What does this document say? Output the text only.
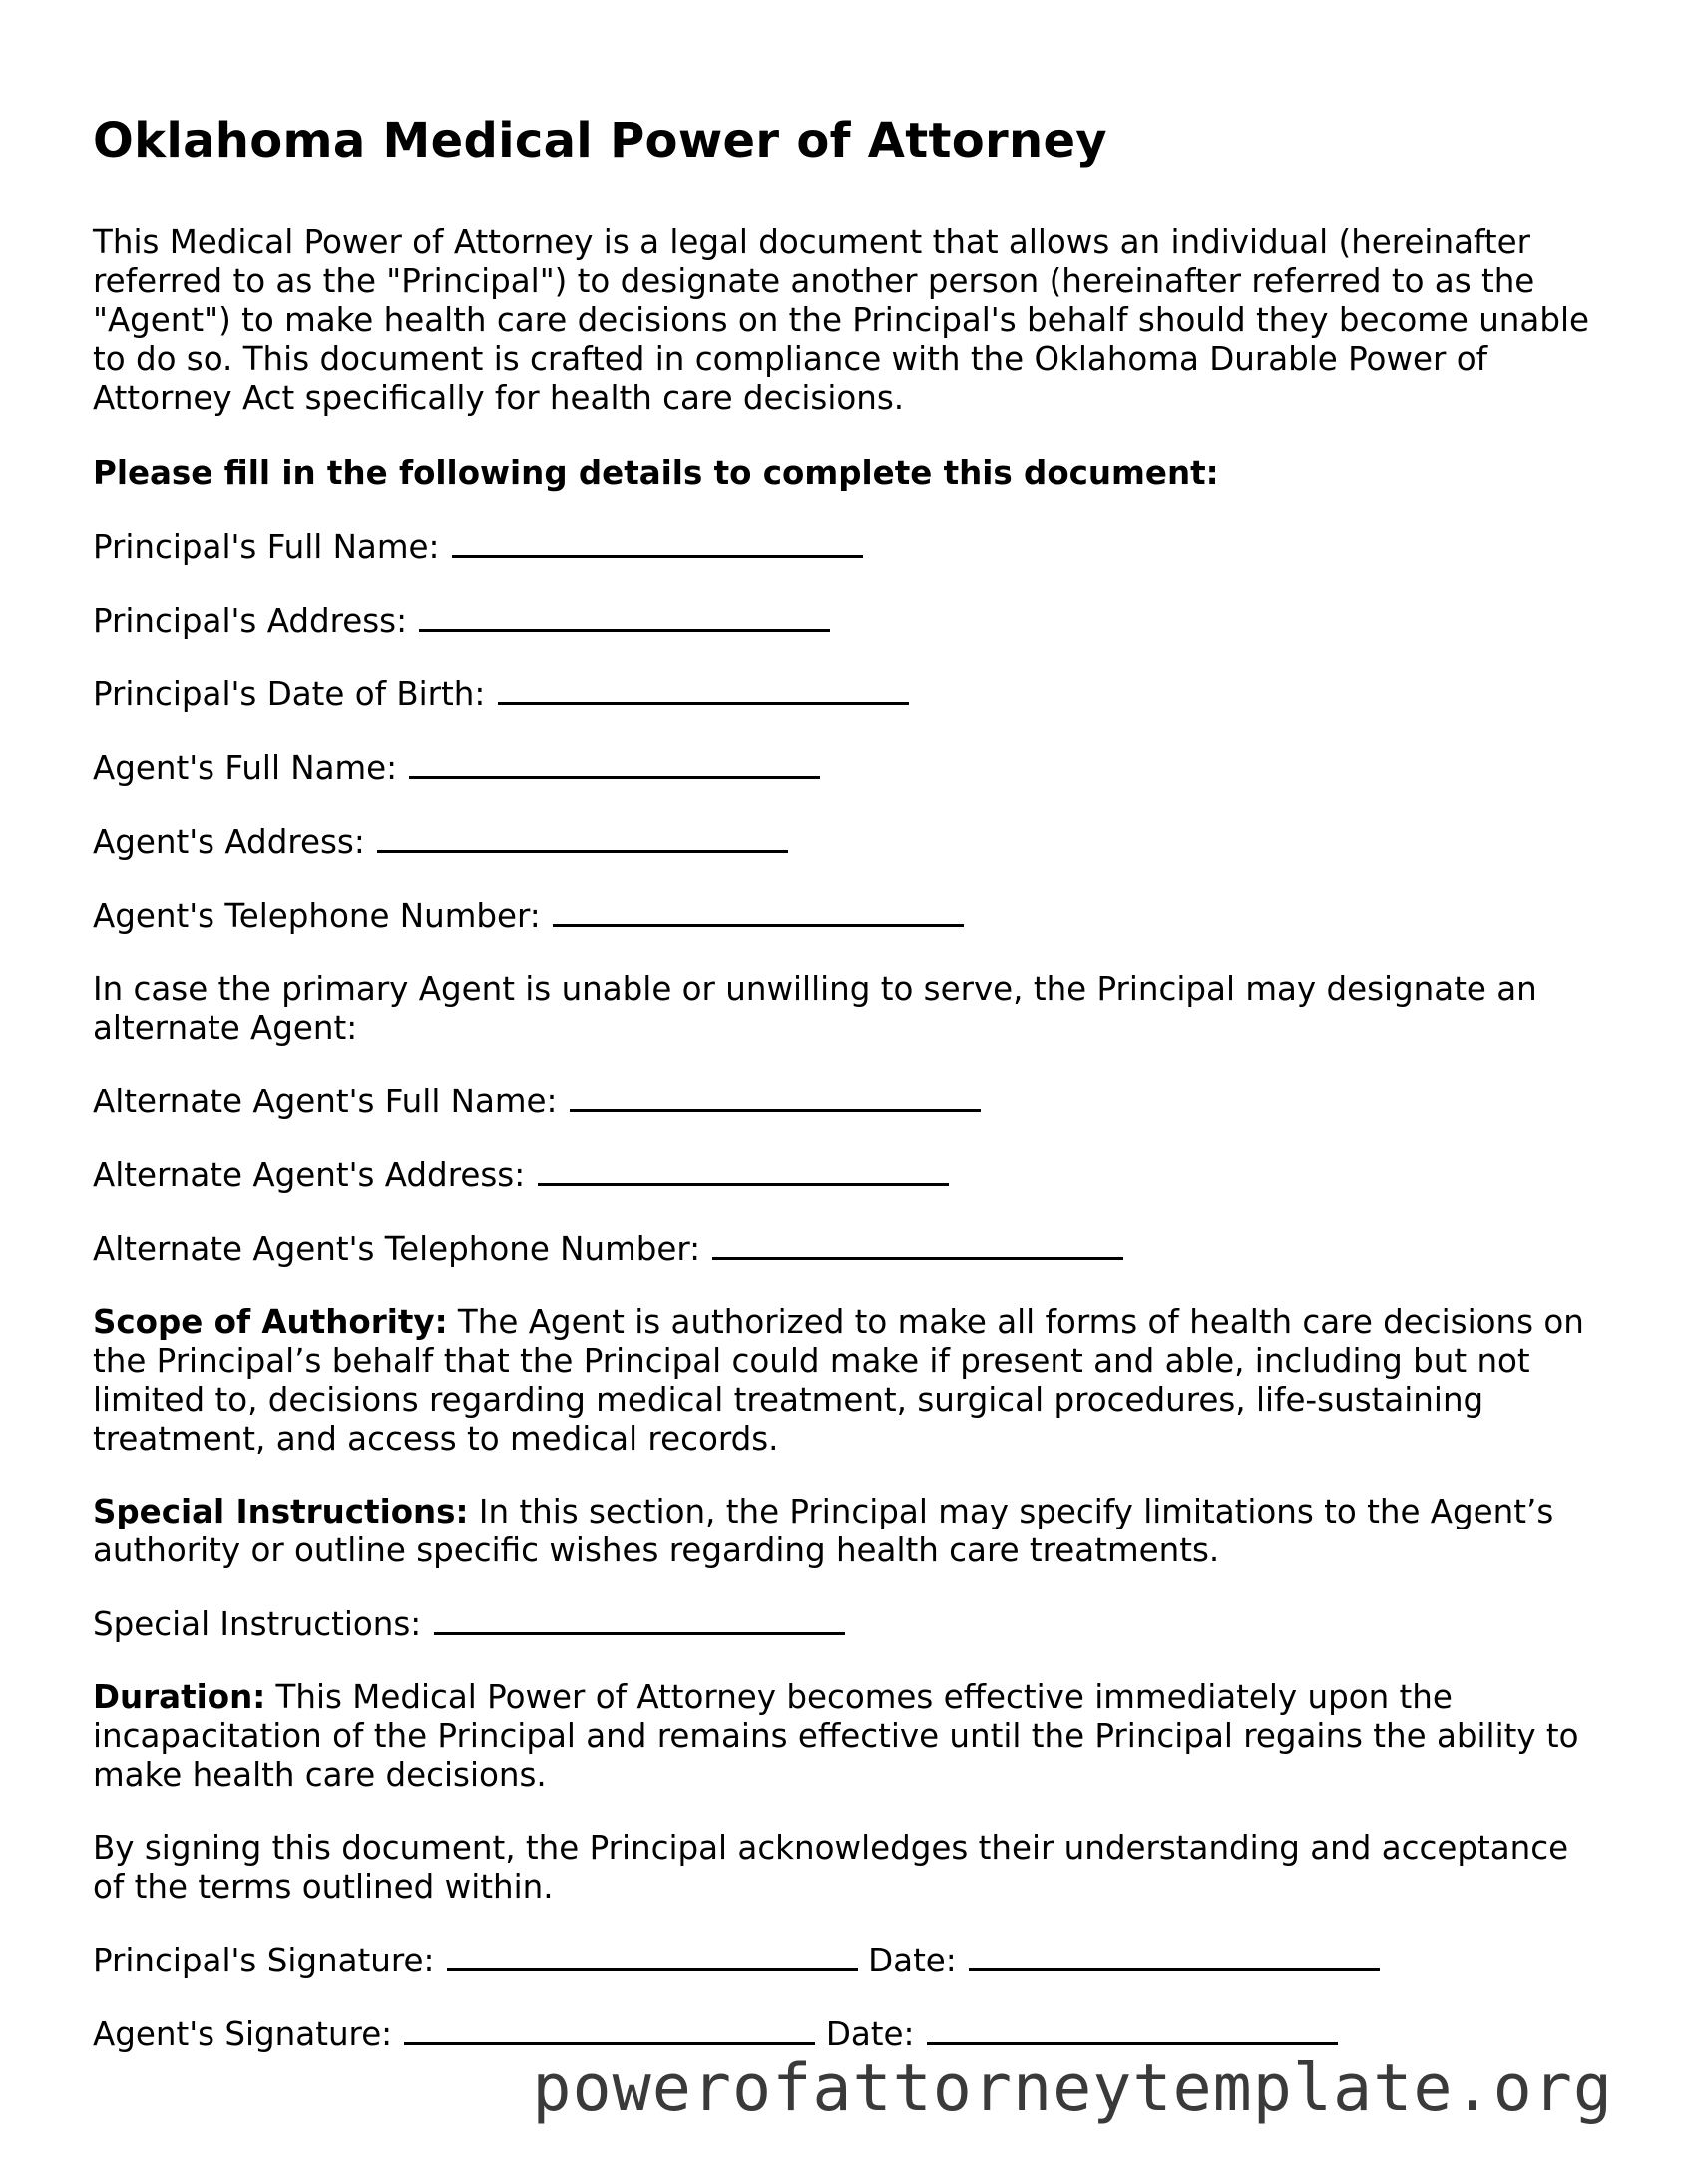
Oklahoma Medical Power of Attorney

This Medical Power of Attorney is a legal document that allows an individual (hereinafter referred to as the "Principal") to designate another person (hereinafter referred to as the "Agent") to make health care decisions on the Principal's behalf should they become unable to do so. This document is crafted in compliance with the Oklahoma Durable Power of Attorney Act specifically for health care decisions.

Please fill in the following details to complete this document:

Principal's Full Name:

Principal's Address:

Principal's Date of Birth:

Agent's Full Name:

Agent's Address:

Agent's Telephone Number:

In case the primary Agent is unable or unwilling to serve, the Principal may designate an alternate Agent:

Alternate Agent's Full Name:

Alternate Agent's Address:

Alternate Agent's Telephone Number:

Scope of Authority: The Agent is authorized to make all forms of health care decisions on the Principal’s behalf that the Principal could make if present and able, including but not limited to, decisions regarding medical treatment, surgical procedures, life-sustaining treatment, and access to medical records.

Special Instructions: In this section, the Principal may specify limitations to the Agent’s authority or outline specific wishes regarding health care treatments.

Special Instructions:

Duration: This Medical Power of Attorney becomes effective immediately upon the incapacitation of the Principal and remains effective until the Principal regains the ability to make health care decisions.

By signing this document, the Principal acknowledges their understanding and acceptance of the terms outlined within.

Principal's Signature:	Date:

Agent's Signature:	Date:

powerofattorneytemplate.org
